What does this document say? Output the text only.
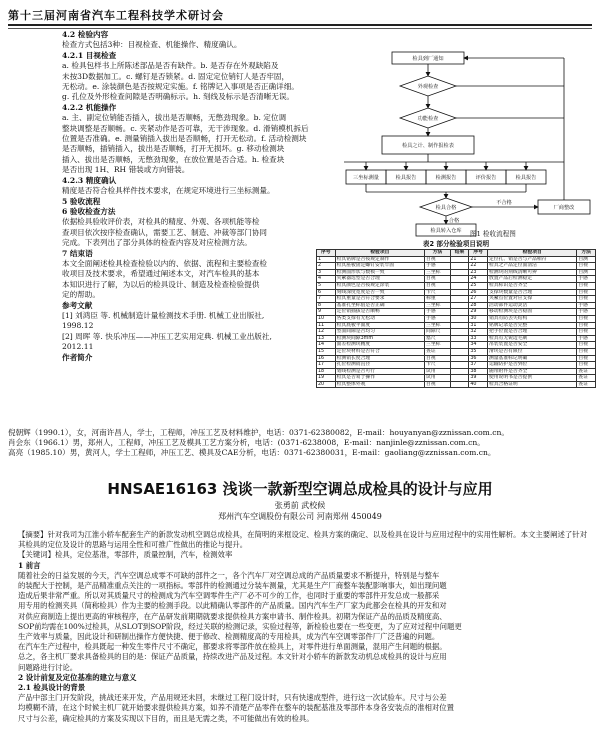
第十三届河南省汽车工程科技学术研讨会

4.2 检验内容

检查方式包括3种：目视检查、机能操作、精度确认。

4.2.1 目视检查

a. 检具包样书上所陈述部品是否有缺件。b. 是否存在外观缺陷及

未按3D数据加工。c. 螺钉是否锁紧。d. 固定定位销钉人是否牢固，

无松动。e. 涂装颜色是否按规定实施。f. 铭牌记入事项是否正确详细。

g. 孔位及外形检查间隙是否明确标示。h. 刻线及标示是否清晰无误。

4.2.2 机能操作

a. 主、副定位销能否插入，拔出是否顺畅，无憋劲现象。b. 定位调

整块调整是否顺畅。c. 夹紧动作是否可靠，无干涉现象。d. 滑销模机拆后

位置是否准确。e. 测量销插入拔出是否顺畅，打开无松动。f. 活动检测块

是否顺畅，插销插入，拔出是否顺畅，打开无损坏。g. 移动检测块

插入、拔出是否顺畅，无憋劲现象，在放位置是否合适。h. 检查块

是否出现 1H、RH 错装或方向错装。

4.2.3 精度确认

精度是否符合检具样件技术要求，在规定环境进行三坐标测量。

5 验收流程

6 验收检查方法

依据检具验收评价表，对检具的精度、外观、各项机能等检

查项目依次按序检查确认，需要工艺、制造、冲裁等部门协同

完成。下表列出了部分具体的检查内容及对应检测方法。

7 结束语

本文全面阐述检具检查检验以内的、依据、流程和主要检查检

收项目及技术要求，希望通过阐述本文，对汽车检具的基本

本知识进行了解，为以后的检具设计、制造及检查检验提供

定的帮助。

参考文献

[1] 刘鸿臣 等. 机械制造计量检测技术手册. 机械工业出版社,

1998.12

[2] 周晖 等. 快乐冲压——冲压工艺实用定典. 机械工业出版社,

2012.11

作者简介

检具到厂通知
外观检查
功能检查
检具之计、制作报检表
三坐标测量	检具报告	检测报告	评价报告	检具报告
检具合格
检具转入仓库
厂商整改
合格
不合格
图1 检收流程图
表2 部分检验项目说明
序号	检验项目	方法	结果	序号	检验项目	方法
1	检具铭牌是否按规定制作	目视		21	定位孔、销是否与产品相符	目测
2	检具座板固定螺钉安装牢固	手感		22	检具之产品定位面清洁	目视
3	检测面形状与数模一致	三坐标		23	检测块的刻线清晰可辨	目测
4	夹紧器选型是否合理	目视		24	放置产品后检测稳定	手感
5	检具颜色是否按规定涂装	目视		25	检具标识是否齐全	目视
6	刻线深度宽度是否一致	卡尺		26	支撑块数量是否合理	目视
7	检具重量是否符合要求	称重		27	夹紧点位置对应支撑	目视
8	基准孔坐标值是否正确	三坐标		28	活动部件运动灵活	手感
9	定位销插拔是否顺畅	手感		29	移动检测块是否稳固	手感
10	各类支撑有无松动	手感		30	销具有防丢失结构	目视
11	检具底板平面度	三坐标		31	铭牌记录是否完整	目视
12	型面间隙是否均匀	间隙尺		32	把手位置是否合理	目视
13	检测块间隙3mm	塞尺		33	检具有无锐边毛刺	手感
14	面差检测块精度	三坐标		34	吊装装置是否安全	目视
15	定位块材料是否符合	查证		35	滑块是否有限位	目视
16	检测销长度合理	目视		36	测量基准标记明确	目视
17	孔位检测销直径	卡尺		37	运输防护是否到位	目视
18	划线检测是否可行	试用		38	随带附件是否齐全	查证
19	检具是否易于操作	试用		39	使用说明书是否提供	查证
20	检具整体外观	目视		40	检具合格证明	查证

倪朝辉（1990.1），女，河南许昌人，学士，工程师，冲压工艺及材料维护，电话：0371-62380082，E-mail：houyanyan@zznissan.com.cn。

肖会东（1966.1）男，郑州人，工程师，冲压工艺及模具工艺方案分析，电话：(0371-6238008，E-mail：nanjinle@zznissan.com.cn。

高亮（1985.10）男，黄河人，学士工程师，冲压工艺、模具及CAE分析，电话：0371-62380031，E-mail：gaoliang@zznissan.com.cn。

HNSAE16163 浅谈一款新型空调总成检具的设计与应用
张勇前 武校候
郑州汽车空调股份有限公司 河南郑州 450049

【摘要】针对我司为江淮小轿车配套生产的新款发动机空调总成检具，在简明的来框设定、检具方案的确定、以及检具在设计与应用过程中的实用性解析。本文主要阐述了针对其检具的定位及设计的思路与运用全性和可推广性做出的推论与提升。

【关键词】检具，定位基准，零部件，质量控制，汽车，检测效率

1 前言

随着社会的日益发展的今天，汽车空调总成零不可缺的部件之一，各个汽车厂对空调总成的产品质量要求不断提升，特别是与整车

的装配大于控制，是产品精准重点关注的一项指标。零部件的检测通过分装车测量，尤其是生产厂商整车装配影响事大，如出现问题

造成后果非常严重。所以对其质量尺寸的检测成为汽车空调零件生产厂必不可少的工作，也同时于重要的零部件开发总成一般都采

用专用的检测夹具（简称检具）作为主要的检测手段。以此精确认零部件的产品质量。国内汽车生产厂家为此都会在检具的开发和对

对供应商制造上提出更高的审核程序，在产品研发前期期就要求提供检具方案申请书、制作检具。初期为保证产品的品质及精度高、

SOP前均需在100%过检具，从SLOT到SOP阶段，经过关联的检测记录，实验过程等，新检验也要在一些变更，为了应对过程中问题更

生产效率与质量，因此设计和研制出操作方便快捷、便于修改、检测精度高的专用检具，成为汽车空调零部件厂广泛普遍的问题。

在汽车生产过程中，检具既起一种发生零件尺寸不确定，都要求将零部件放在检具上，对零件进行单面测量，混用产生问题的根据。

总之，各主机厂要求具备检具的目的是：保证产品质量，持续改进产品及过程。本文针对小轿车的新款发动机总成检具的设计与应用

问题路进行讨论。

2 设计前复及定位基准的建立与意义

2.1 检具设计的背景

产品中部主门开发阶段，挑战还来开发，产品用规还未回，未继过工程门设计时，只有快速成型件，进行这一次试验车。尺寸与公差

均模糊不清，在这个时候主机厂就开始要求提供检具方案，如养不清楚产品零件在整车的装配基准及零部件本身各安装点的准相对位置

尺寸与公差，确定检具的方案及实现以下目的，而且是无需之类，不可能做出有效的检具。
